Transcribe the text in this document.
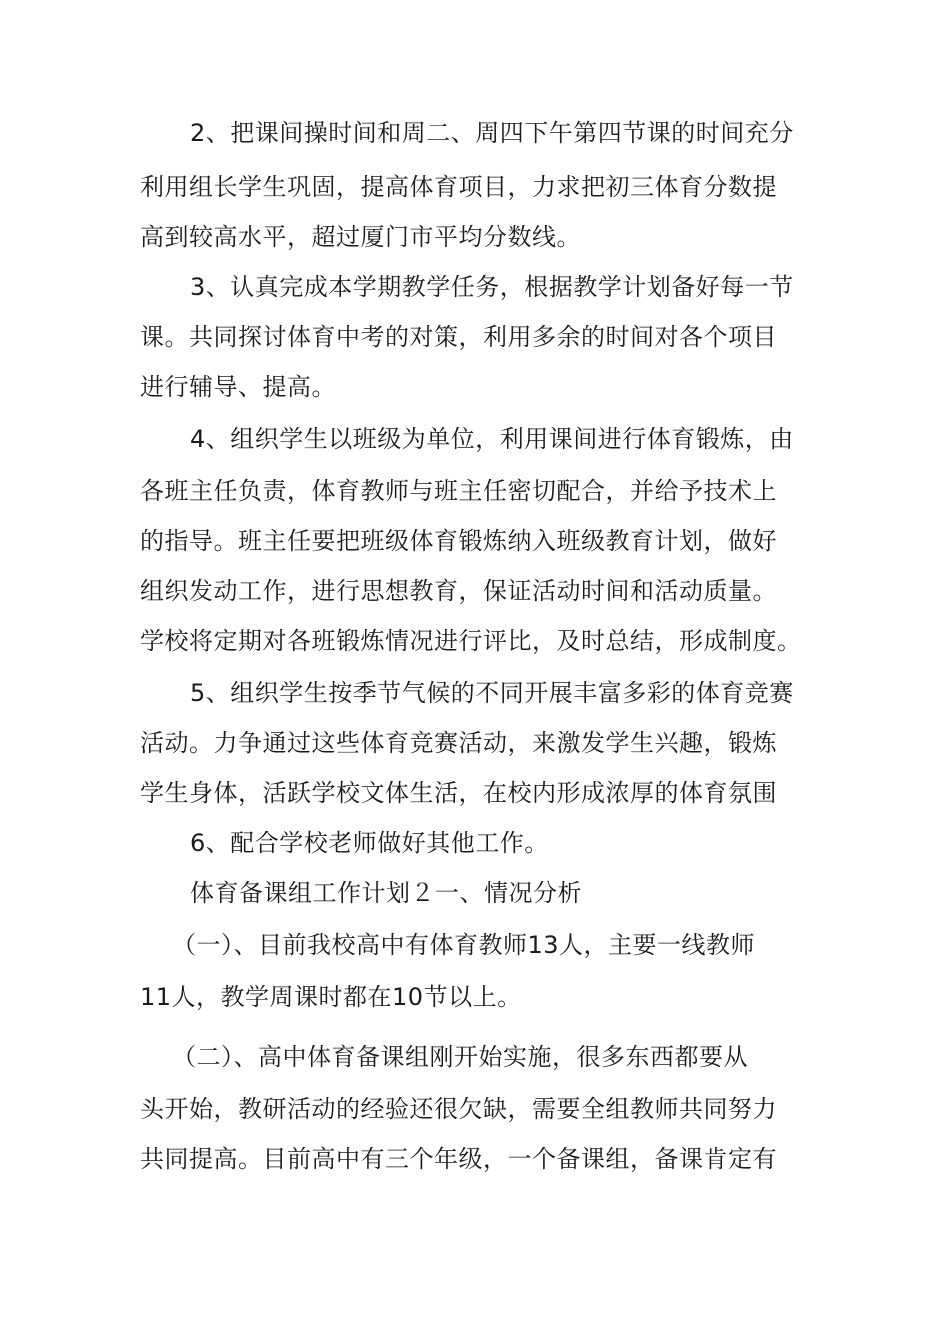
2、把课间操时间和周二、周四下午第四节课的时间充分
利用组长学生巩固，提高体育项目，力求把初三体育分数提
高到较高水平，超过厦门市平均分数线。
3、认真完成本学期教学任务，根据教学计划备好每一节
课。共同探讨体育中考的对策，利用多余的时间对各个项目
进行辅导、提高。
4、组织学生以班级为单位，利用课间进行体育锻炼，由
各班主任负责，体育教师与班主任密切配合，并给予技术上
的指导。班主任要把班级体育锻炼纳入班级教育计划，做好
组织发动工作，进行思想教育，保证活动时间和活动质量。
学校将定期对各班锻炼情况进行评比，及时总结，形成制度。
5、组织学生按季节气候的不同开展丰富多彩的体育竞赛
活动。力争通过这些体育竞赛活动，来激发学生兴趣，锻炼
学生身体，活跃学校文体生活，在校内形成浓厚的体育氛围
6、配合学校老师做好其他工作。
体育备课组工作计划２一、情况分析
（一）、目前我校高中有体育教师13人，主要一线教师
11人，教学周课时都在10节以上。
（二）、高中体育备课组刚开始实施，很多东西都要从
头开始，教研活动的经验还很欠缺，需要全组教师共同努力
共同提高。目前高中有三个年级，一个备课组，备课肯定有
